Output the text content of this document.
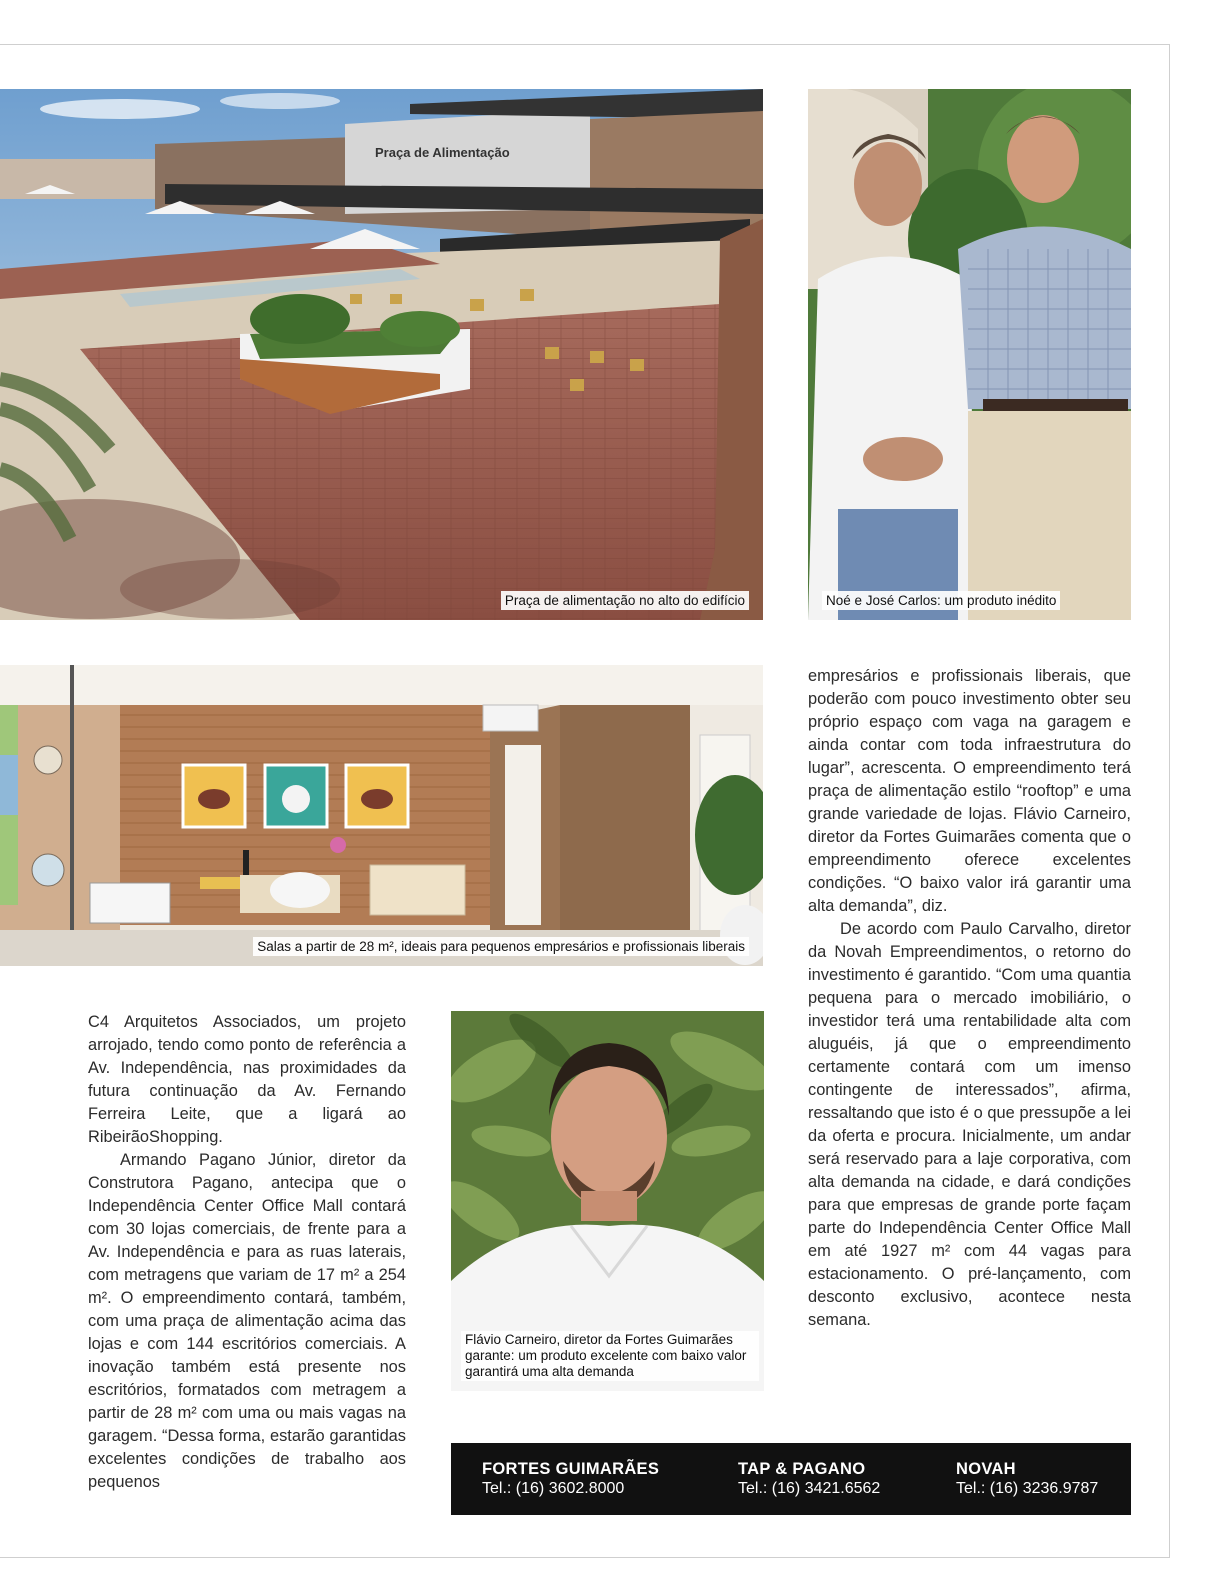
Praça de Alimentação
Praça de alimentação no alto do edifício	Noé e José Carlos: um produto inédito
Salas a partir de 28 m², ideais para pequenos empresários e profissionais liberais
Flávio Carneiro, diretor da Fortes Guimarães garante: um produto excelente com baixo valor garantirá uma alta demanda

C4 Arquitetos Associados, um projeto arrojado, tendo como ponto de referência a Av. Independência, nas proximidades da futura continuação da Av. Fernando Ferreira Leite, que a ligará ao RibeirãoShopping.

Armando Pagano Júnior, diretor da Construtora Pagano, antecipa que o Independência Center Office Mall contará com 30 lojas comerciais, de frente para a Av. Independência e para as ruas laterais, com metragens que variam de 17 m² a 254 m². O empreendimento contará, também, com uma praça de alimentação acima das lojas e com 144 escritórios comerciais. A inovação também está presente nos escritórios, formatados com metragem a partir de 28 m² com uma ou mais vagas na garagem. “Dessa forma, estarão garantidas excelentes condições de trabalho aos pequenos

empresários e profissionais liberais, que poderão com pouco investimento obter seu próprio espaço com vaga na garagem e ainda contar com toda infraestrutura do lugar”, acrescenta. O empreendimento terá praça de alimentação estilo “rooftop” e uma grande variedade de lojas. Flávio Carneiro, diretor da Fortes Guimarães comenta que o empreendimento oferece excelentes condições. “O baixo valor irá garantir uma alta demanda”, diz.

De acordo com Paulo Carvalho, diretor da Novah Empreendimentos, o retorno do investimento é garantido. “Com uma quantia pequena para o mercado imobiliário, o investidor terá uma rentabilidade alta com aluguéis, já que o empreendimento certamente contará com um imenso contingente de interessados”, afirma, ressaltando que isto é o que pressupõe a lei da oferta e procura. Inicialmente, um andar será reservado para a laje corporativa, com alta demanda na cidade, e dará condições para que empresas de grande porte façam parte do Independência Center Office Mall em até 1927 m² com 44 vagas para estacionamento. O pré-lançamento, com desconto exclusivo, acontece nesta semana.

FORTES GUIMARÃES
Tel.: (16) 3602.8000
TAP & PAGANO
Tel.: (16) 3421.6562
NOVAH
Tel.: (16) 3236.9787
